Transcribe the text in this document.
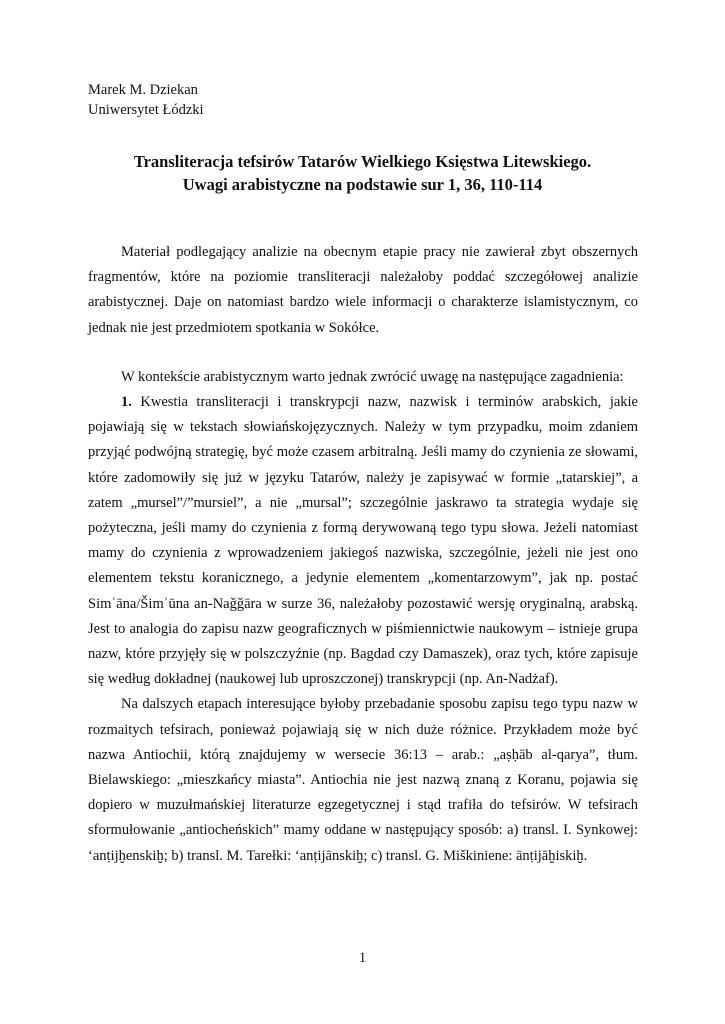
Marek M. Dziekan
Uniwersytet Łódzki
Transliteracja tefsirów Tatarów Wielkiego Księstwa Litewskiego.
Uwagi arabistyczne na podstawie sur 1, 36, 110-114

Materiał podlegający analizie na obecnym etapie pracy nie zawierał zbyt obszernych fragmentów, które na poziomie transliteracji należałoby poddać szczegółowej analizie arabistycznej. Daje on natomiast bardzo wiele informacji o charakterze islamistycznym, co jednak nie jest przedmiotem spotkania w Sokółce.

W kontekście arabistycznym warto jednak zwrócić uwagę na następujące zagadnienia:

1. Kwestia transliteracji i transkrypcji nazw, nazwisk i terminów arabskich, jakie pojawiają się w tekstach słowiańskojęzycznych. Należy w tym przypadku, moim zdaniem przyjąć podwójną strategię, być może czasem arbitralną. Jeśli mamy do czynienia ze słowami, które zadomowiły się już w języku Tatarów, należy je zapisywać w formie „tatarskiej”, a zatem „mursel”/”mursiel”, a nie „mursal”; szczególnie jaskrawo ta strategia wydaje się pożyteczna, jeśli mamy do czynienia z formą derywowaną tego typu słowa. Jeżeli natomiast mamy do czynienia z wprowadzeniem jakiegoś nazwiska, szczególnie, jeżeli nie jest ono elementem tekstu koranicznego, a jedynie elementem „komentarzowym”, jak np. postać Simʿāna/Šimʿūna an-Naǧǧāra w surze 36, należałoby pozostawić wersję oryginalną, arabską. Jest to analogia do zapisu nazw geograficznych w piśmiennictwie naukowym – istnieje grupa nazw, które przyjęły się w polszczyźnie (np. Bagdad czy Damaszek), oraz tych, które zapisuje się według dokładnej (naukowej lub uproszczonej) transkrypcji (np. An-Nadżaf).

Na dalszych etapach interesujące byłoby przebadanie sposobu zapisu tego typu nazw w rozmaitych tefsirach, ponieważ pojawiają się w nich duże różnice. Przykładem może być nazwa Antiochii, którą znajdujemy w wersecie 36:13 – arab.: „aṣḥāb al-qarya”, tłum. Bielawskiego: „mieszkańcy miasta”. Antiochia nie jest nazwą znaną z Koranu, pojawia się dopiero w muzułmańskiej literaturze egzegetycznej i stąd trafiła do tefsirów. W tefsirach sformułowanie „antiocheńskich” mamy oddane w następujący sposób: a) transl. I. Synkowej: ‘anṭijḫenskiḫ; b) transl. M. Tarełki: ‘anṭijānskiḫ; c) transl. G. Miškiniene: ānṭijāḫiskiḫ.

1
